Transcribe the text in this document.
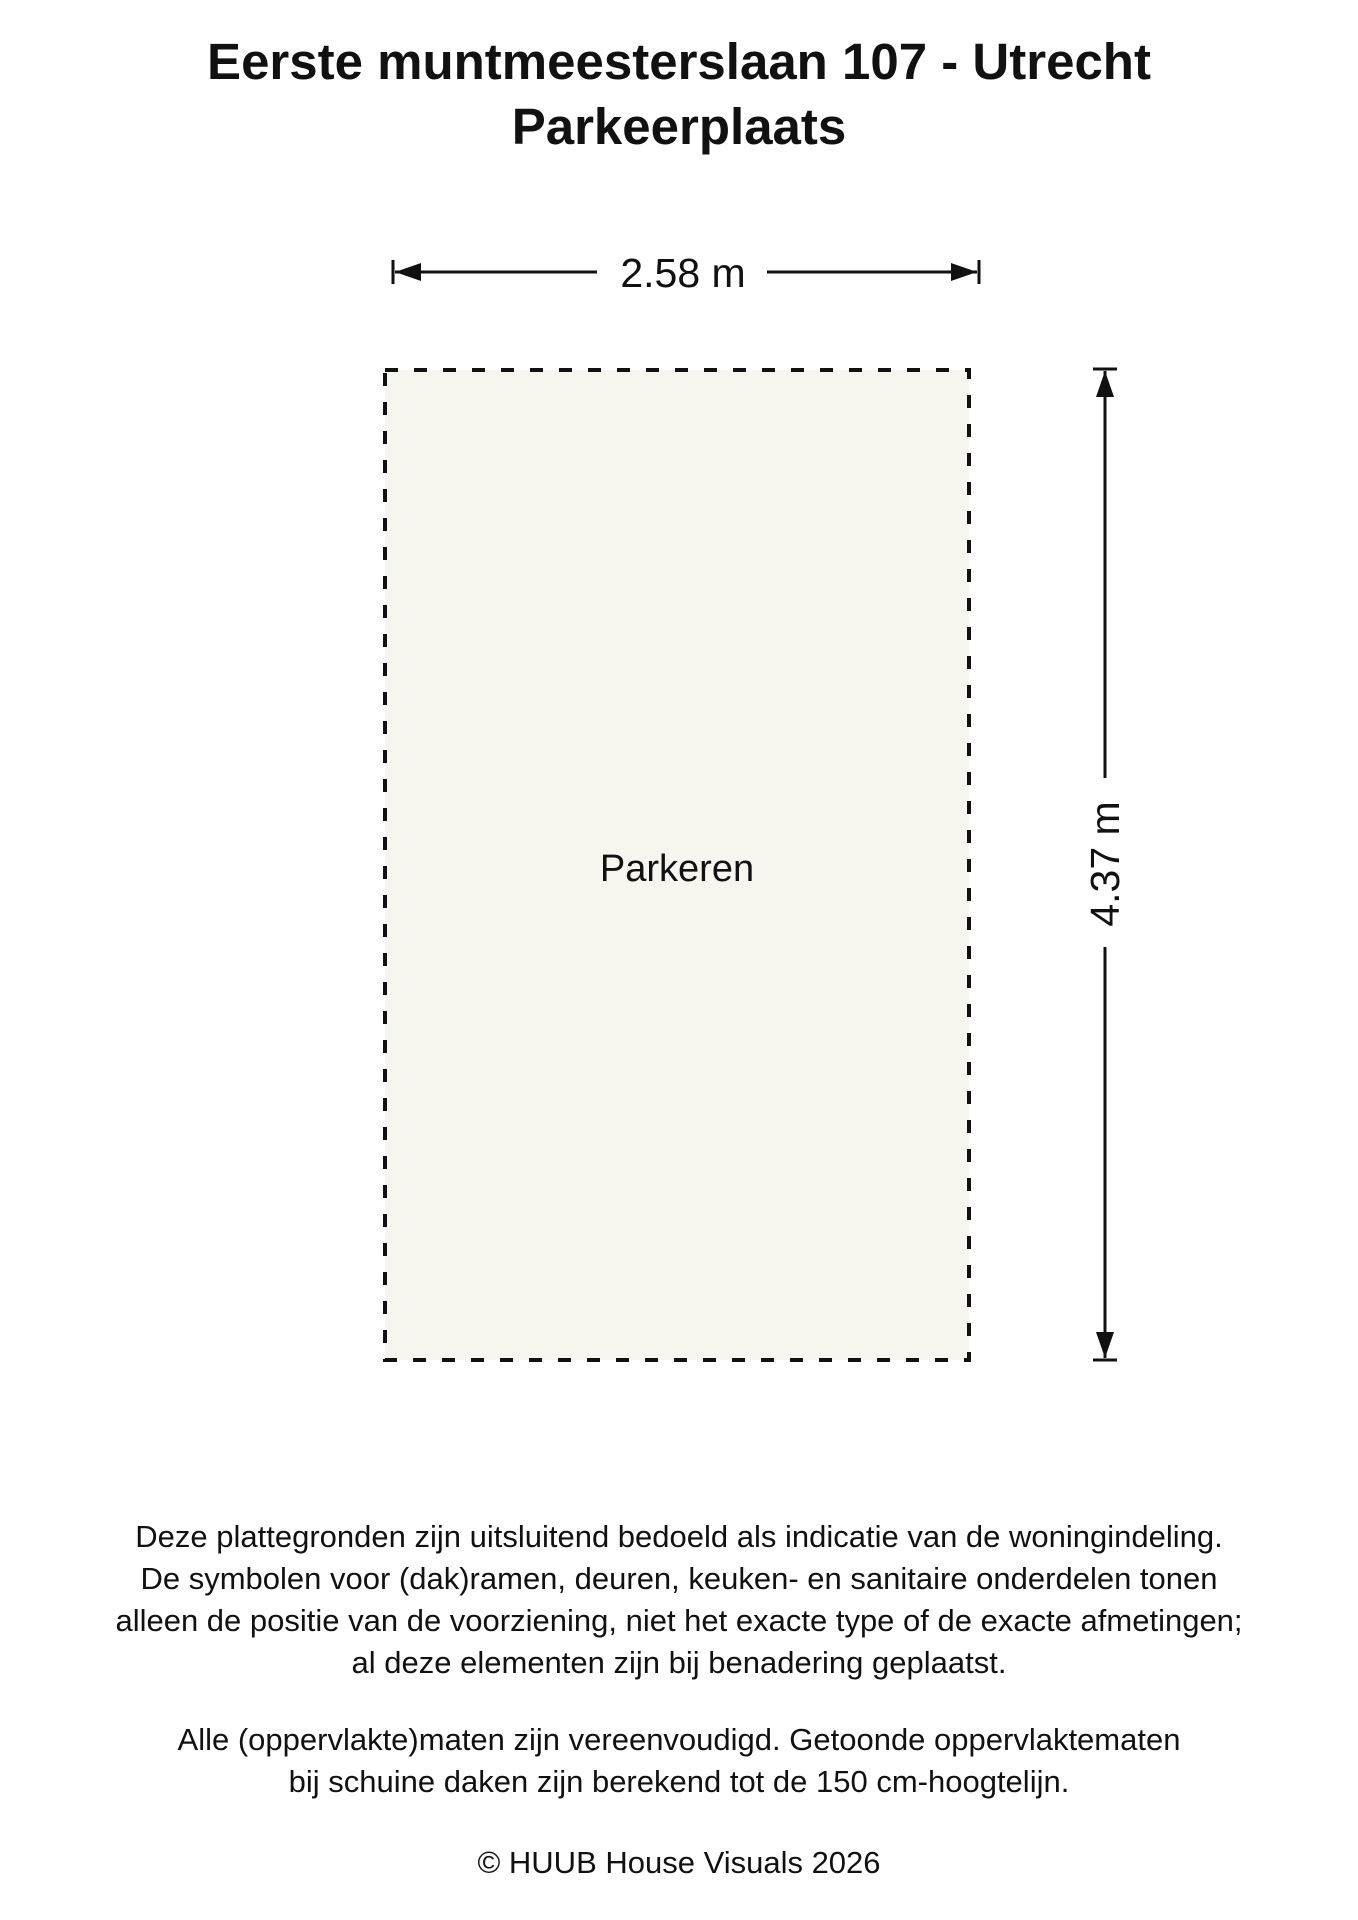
Eerste muntmeesterslaan 107 - Utrecht
Parkeerplaats
Parkeren
2.58 m
4.37 m

Deze plattegronden zijn uitsluitend bedoeld als indicatie van de woningindeling.

De symbolen voor (dak)ramen, deuren, keuken- en sanitaire onderdelen tonen

alleen de positie van de voorziening, niet het exacte type of de exacte afmetingen;

al deze elementen zijn bij benadering geplaatst.

Alle (oppervlakte)maten zijn vereenvoudigd. Getoonde oppervlaktematen

bij schuine daken zijn berekend tot de 150 cm-hoogtelijn.

© HUUB House Visuals 2026
